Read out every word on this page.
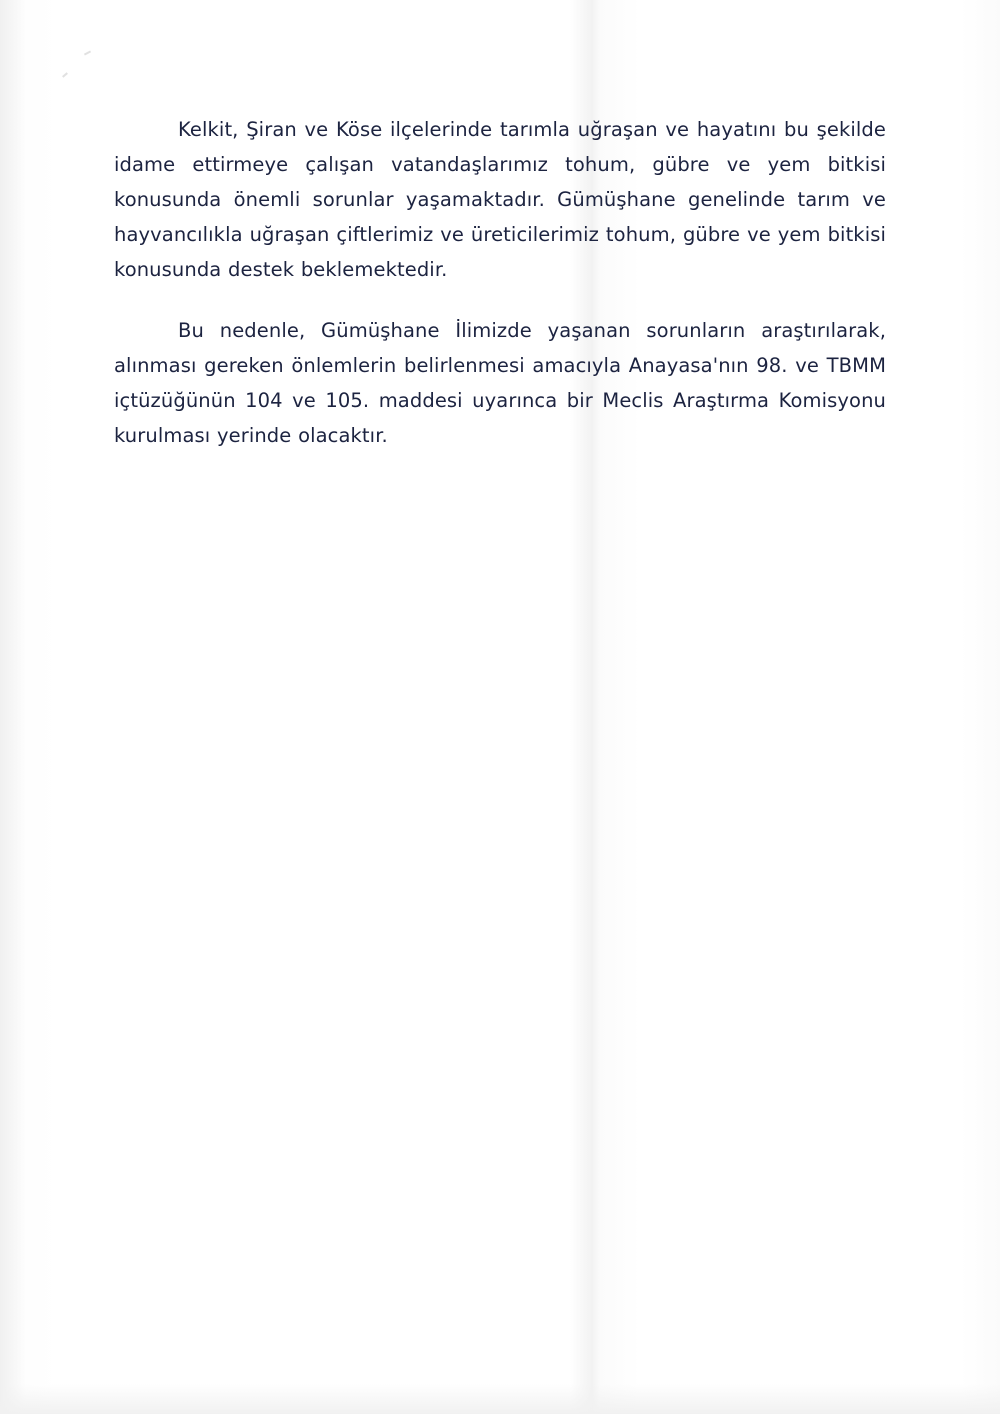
Kelkit, Şiran ve Köse ilçelerinde tarımla uğraşan ve hayatını bu şekilde idame ettirmeye çalışan vatandaşlarımız tohum, gübre ve yem bitkisi konusunda önemli sorunlar yaşamaktadır. Gümüşhane genelinde tarım ve hayvancılıkla uğraşan çiftlerimiz ve üreticilerimiz tohum, gübre ve yem bitkisi konusunda destek beklemektedir.

Bu nedenle, Gümüşhane İlimizde yaşanan sorunların araştırılarak, alınması gereken önlemlerin belirlenmesi amacıyla Anayasa'nın 98. ve TBMM içtüzüğünün 104 ve 105. maddesi uyarınca bir Meclis Araştırma Komisyonu kurulması yerinde olacaktır.
